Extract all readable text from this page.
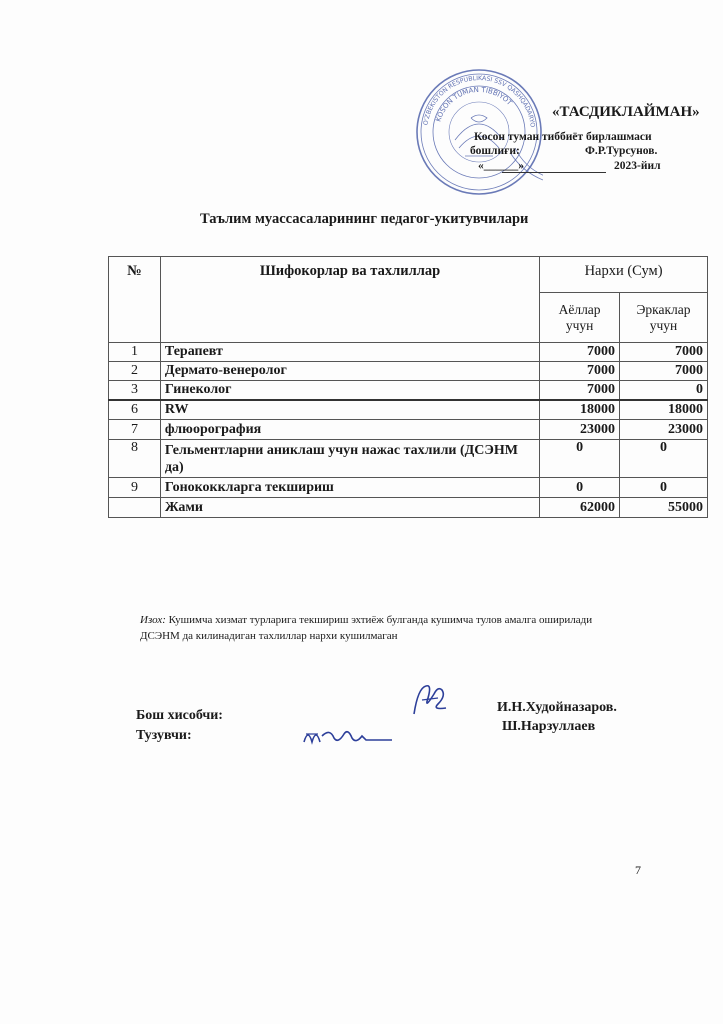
O'ZBEKISTON RESPUBLIKASI SSV QASHQADARYO
KOSON TUMAN TIBBIYOT
«ТАСДИКЛАЙМАН»
Косон туман тиббиёт бирлашмаси
бошлиғи:	Ф.Р.Турсунов.
«______»	2023-йил
Таълим муассасаларининг педагог-укитувчилари
№	Шифокорлар ва тахлиллар	Нархи (Сум)	
		Аёллар учун	Эркаклар учун
1	Терапевт	7000	7000
2	Дермато-венеролог	7000	7000
3	Гинеколог	7000	0
6	RW	18000	18000
7	флюорография	23000	23000
8	Гельментларни аниклаш учун нажас тахлили (ДСЭНМ да)	0	0
9	Гонококкларга текшириш	0	0
	Жами	62000	55000
Изох: Кушимча хизмат турларига текшириш эхтиёж булганда кушимча тулов амалга оширилади
ДСЭНМ да килинадиган тахлиллар нархи кушилмаган
Бош хисобчи:
И.Н.Худойназаров.
Тузувчи:
Ш.Нарзуллаев
7
